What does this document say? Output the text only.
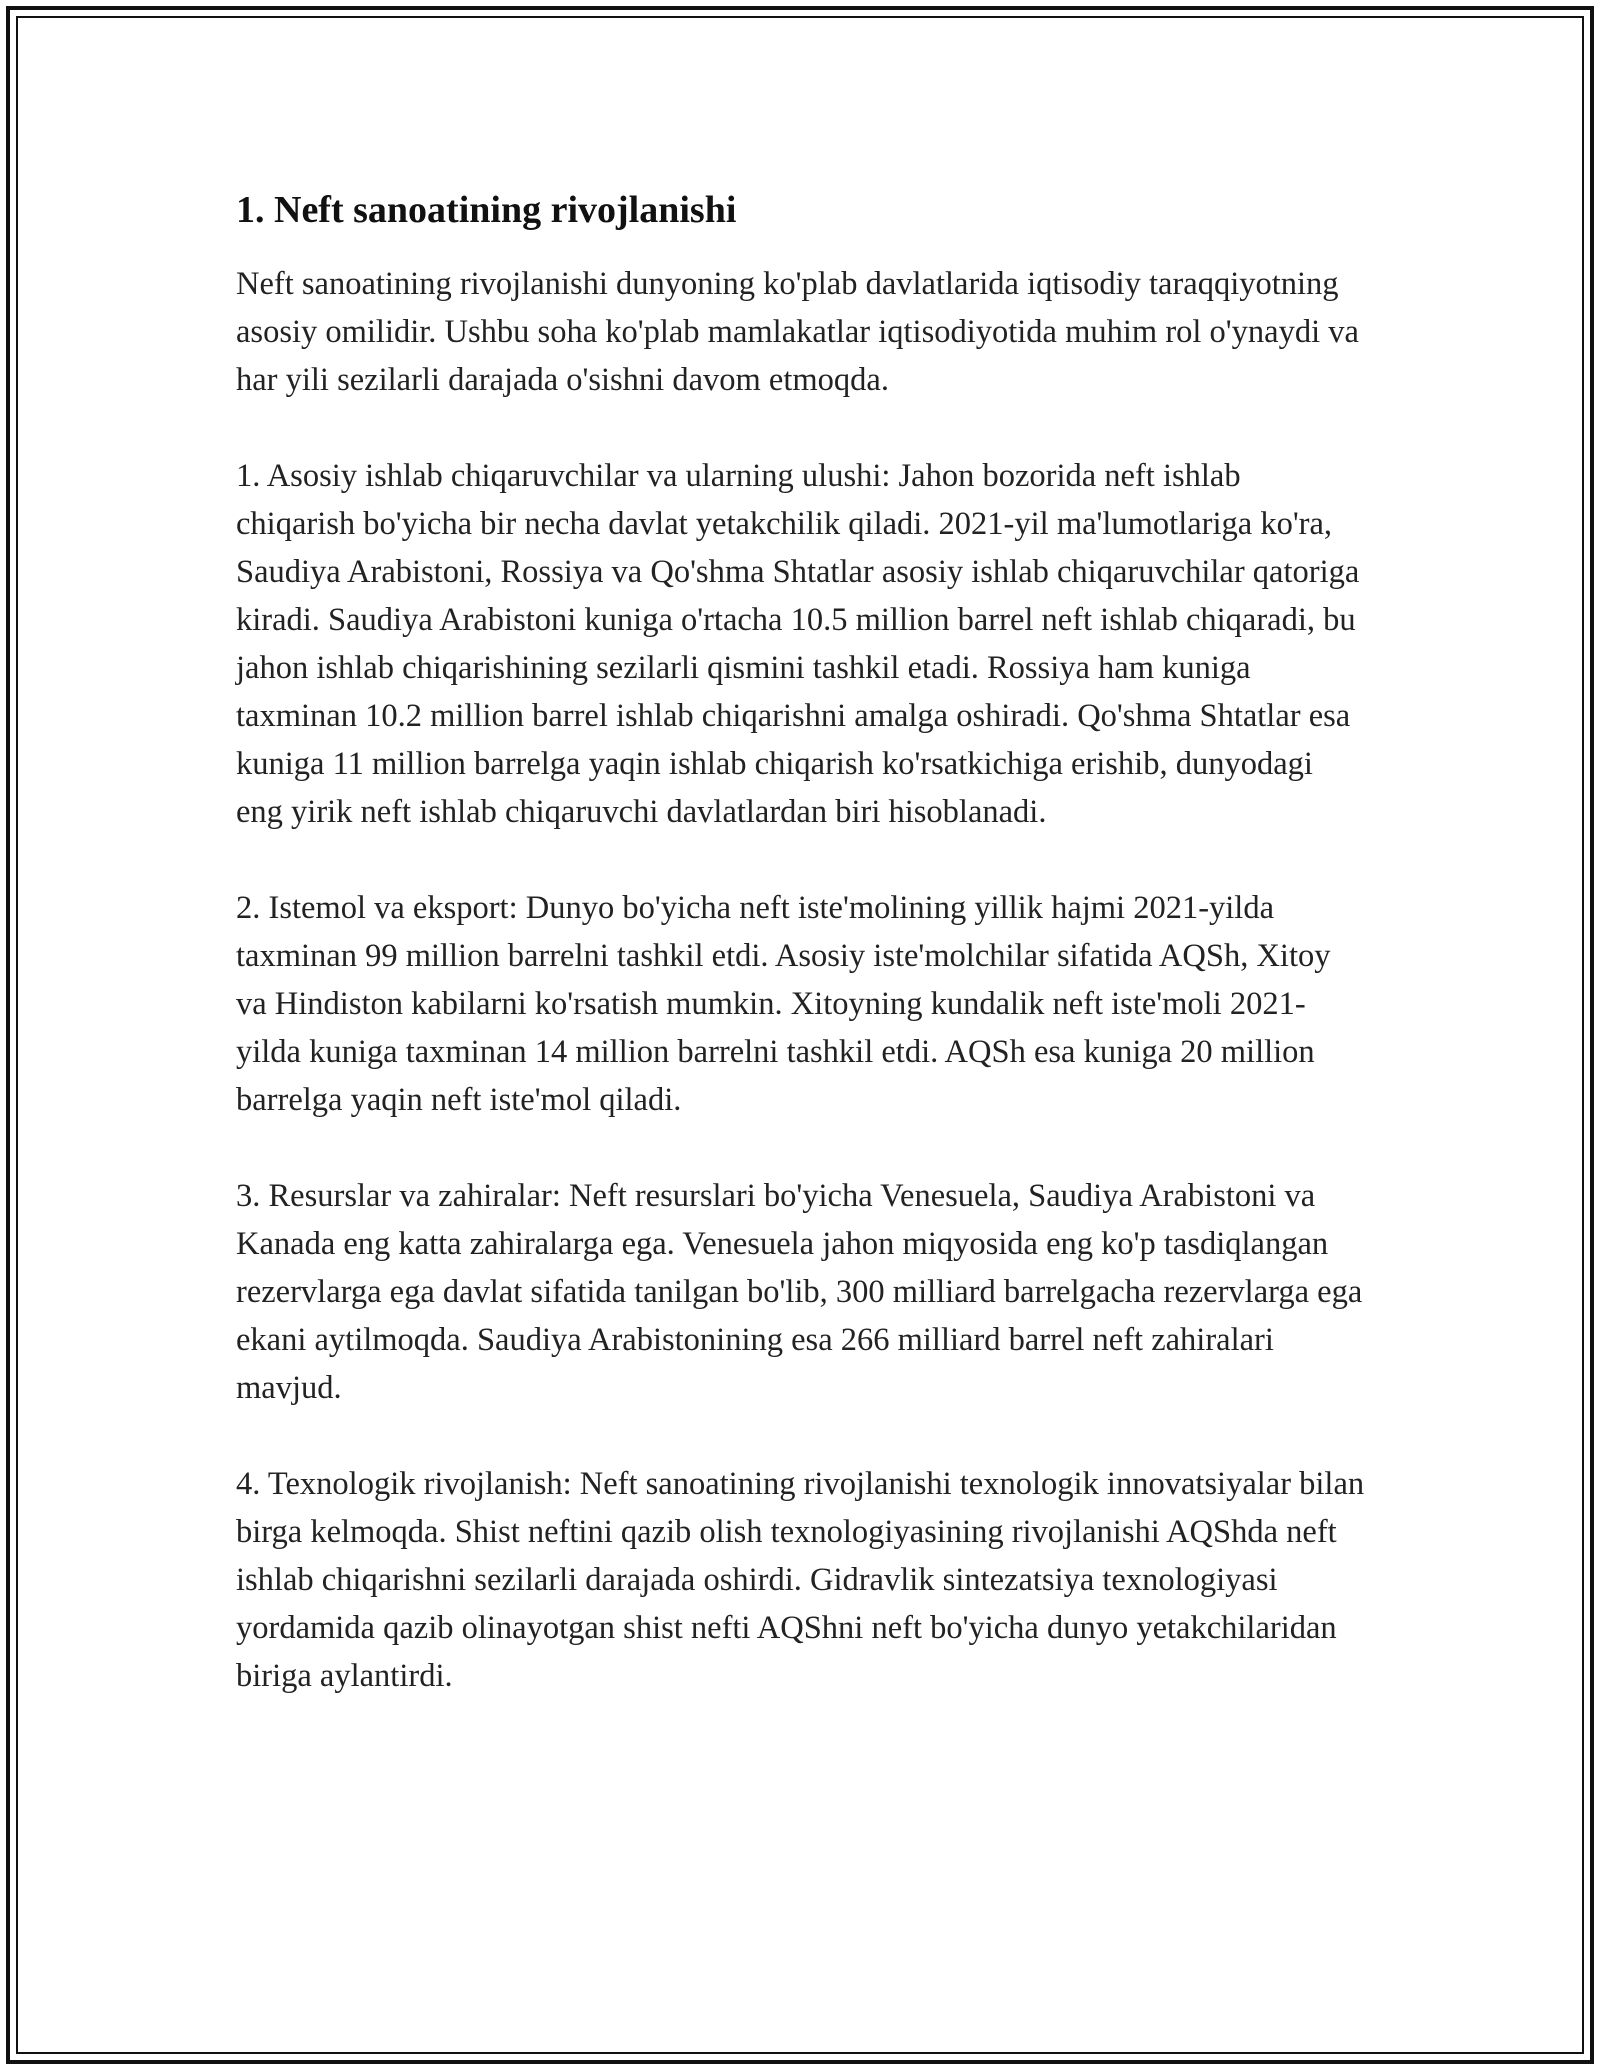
1. Neft sanoatining rivojlanishi

Neft sanoatining rivojlanishi dunyoning ko'plab davlatlarida iqtisodiy taraqqiyotning asosiy omilidir. Ushbu soha ko'plab mamlakatlar iqtisodiyotida muhim rol o'ynaydi va har yili sezilarli darajada o'sishni davom etmoqda.

1. Asosiy ishlab chiqaruvchilar va ularning ulushi: Jahon bozorida neft ishlab chiqarish bo'yicha bir necha davlat yetakchilik qiladi. 2021-yil ma'lumotlariga ko'ra, Saudiya Arabistoni, Rossiya va Qo'shma Shtatlar asosiy ishlab chiqaruvchilar qatoriga kiradi. Saudiya Arabistoni kuniga o'rtacha 10.5 million barrel neft ishlab chiqaradi, bu jahon ishlab chiqarishining sezilarli qismini tashkil etadi. Rossiya ham kuniga taxminan 10.2 million barrel ishlab chiqarishni amalga oshiradi. Qo'shma Shtatlar esa kuniga 11 million barrelga yaqin ishlab chiqarish ko'rsatkichiga erishib, dunyodagi eng yirik neft ishlab chiqaruvchi davlatlardan biri hisoblanadi.

2. Istemol va eksport: Dunyo bo'yicha neft iste'molining yillik hajmi 2021-yilda taxminan 99 million barrelni tashkil etdi. Asosiy iste'molchilar sifatida AQSh, Xitoy va Hindiston kabilarni ko'rsatish mumkin. Xitoyning kundalik neft iste'moli 2021-yilda kuniga taxminan 14 million barrelni tashkil etdi. AQSh esa kuniga 20 million barrelga yaqin neft iste'mol qiladi.

3. Resurslar va zahiralar: Neft resurslari bo'yicha Venesuela, Saudiya Arabistoni va Kanada eng katta zahiralarga ega. Venesuela jahon miqyosida eng ko'p tasdiqlangan rezervlarga ega davlat sifatida tanilgan bo'lib, 300 milliard barrelgacha rezervlarga ega ekani aytilmoqda. Saudiya Arabistonining esa 266 milliard barrel neft zahiralari mavjud.

4. Texnologik rivojlanish: Neft sanoatining rivojlanishi texnologik innovatsiyalar bilan birga kelmoqda. Shist neftini qazib olish texnologiyasining rivojlanishi AQShda neft ishlab chiqarishni sezilarli darajada oshirdi. Gidravlik sintezatsiya texnologiyasi yordamida qazib olinayotgan shist nefti AQShni neft bo'yicha dunyo yetakchilaridan biriga aylantirdi.
